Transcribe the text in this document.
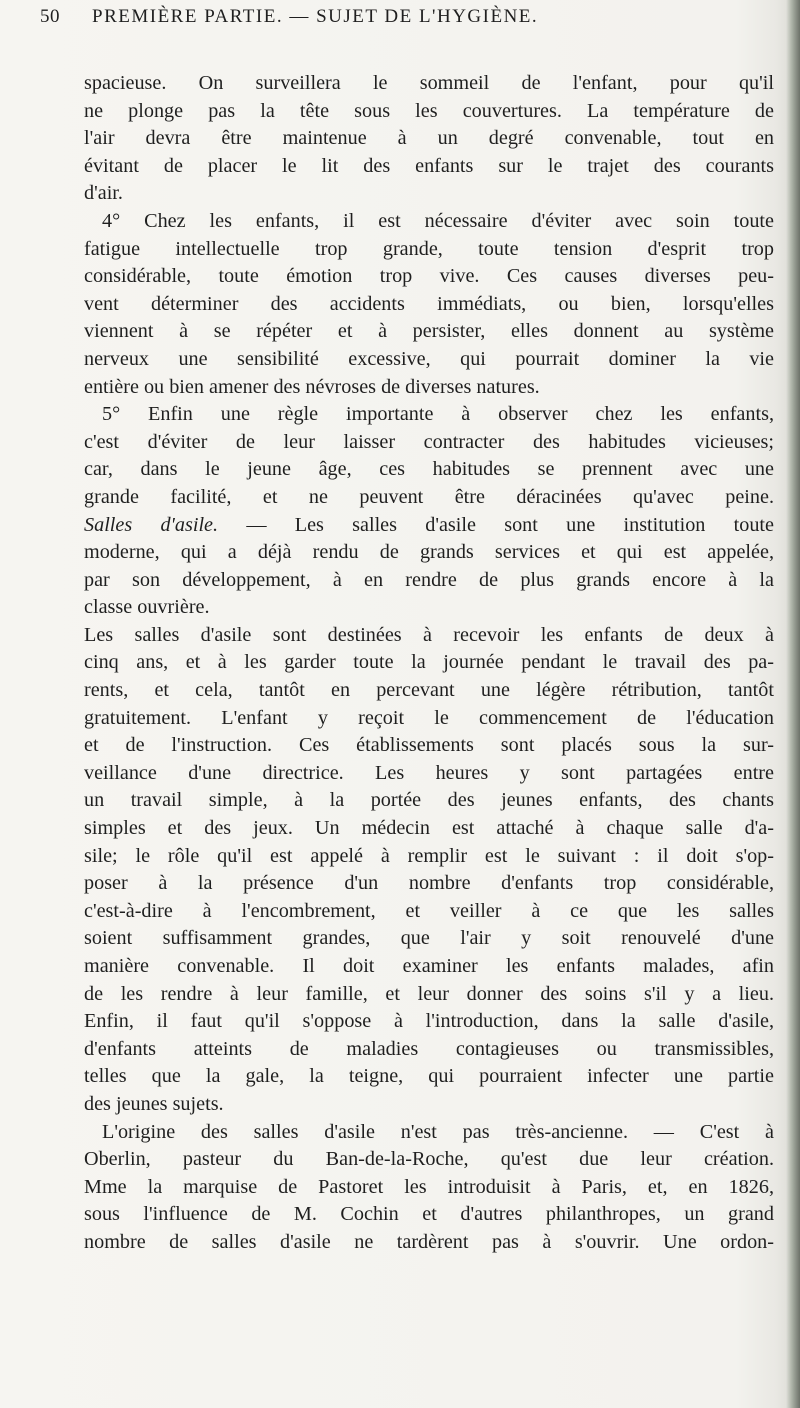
50 PREMIÈRE PARTIE. — SUJET DE L'HYGIÈNE.
spacieuse. On surveillera le sommeil de l'enfant, pour qu'il
ne plonge pas la tête sous les couvertures. La température de
l'air devra être maintenue à un degré convenable, tout en
évitant de placer le lit des enfants sur le trajet des courants
d'air.
4° Chez les enfants, il est nécessaire d'éviter avec soin toute
fatigue intellectuelle trop grande, toute tension d'esprit trop
considérable, toute émotion trop vive. Ces causes diverses peu-
vent déterminer des accidents immédiats, ou bien, lorsqu'elles
viennent à se répéter et à persister, elles donnent au système
nerveux une sensibilité excessive, qui pourrait dominer la vie
entière ou bien amener des névroses de diverses natures.
5° Enfin une règle importante à observer chez les enfants,
c'est d'éviter de leur laisser contracter des habitudes vicieuses;
car, dans le jeune âge, ces habitudes se prennent avec une
grande facilité, et ne peuvent être déracinées qu'avec peine.
Salles d'asile. — Les salles d'asile sont une institution toute
moderne, qui a déjà rendu de grands services et qui est appelée,
par son développement, à en rendre de plus grands encore à la
classe ouvrière.
Les salles d'asile sont destinées à recevoir les enfants de deux à
cinq ans, et à les garder toute la journée pendant le travail des pa-
rents, et cela, tantôt en percevant une légère rétribution, tantôt
gratuitement. L'enfant y reçoit le commencement de l'éducation
et de l'instruction. Ces établissements sont placés sous la sur-
veillance d'une directrice. Les heures y sont partagées entre
un travail simple, à la portée des jeunes enfants, des chants
simples et des jeux. Un médecin est attaché à chaque salle d'a-
sile; le rôle qu'il est appelé à remplir est le suivant : il doit s'op-
poser à la présence d'un nombre d'enfants trop considérable,
c'est-à-dire à l'encombrement, et veiller à ce que les salles
soient suffisamment grandes, que l'air y soit renouvelé d'une
manière convenable. Il doit examiner les enfants malades, afin
de les rendre à leur famille, et leur donner des soins s'il y a lieu.
Enfin, il faut qu'il s'oppose à l'introduction, dans la salle d'asile,
d'enfants atteints de maladies contagieuses ou transmissibles,
telles que la gale, la teigne, qui pourraient infecter une partie
des jeunes sujets.
L'origine des salles d'asile n'est pas très-ancienne. — C'est à
Oberlin, pasteur du Ban-de-la-Roche, qu'est due leur création.
Mme la marquise de Pastoret les introduisit à Paris, et, en 1826,
sous l'influence de M. Cochin et d'autres philanthropes, un grand
nombre de salles d'asile ne tardèrent pas à s'ouvrir. Une ordon-
